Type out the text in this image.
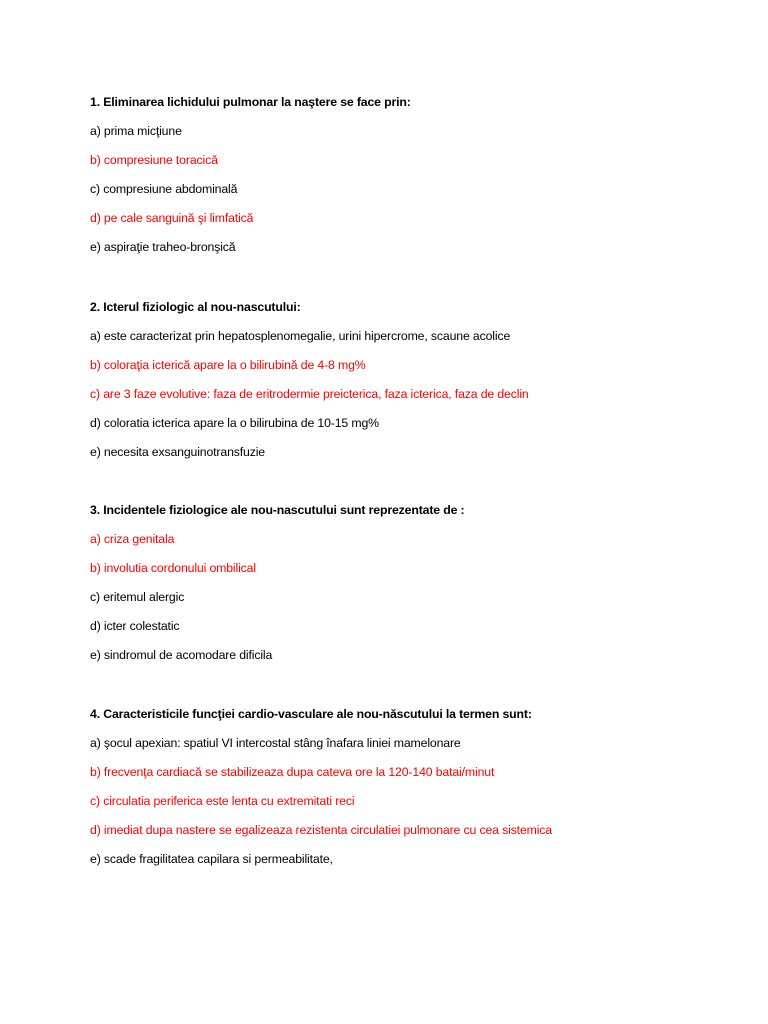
1. Eliminarea lichidului pulmonar la naştere se face prin:
a) prima micţiune
b) compresiune toracică
c) compresiune abdominală
d) pe cale sanguină şi limfatică
e) aspiraţie traheo-bronşică
2. Icterul fiziologic al nou-nascutului:
a) este caracterizat prin hepatosplenomegalie, urini hipercrome, scaune acolice
b) coloraţia icterică apare la o bilirubină de 4-8 mg%
c) are 3 faze evolutive: faza de eritrodermie preicterica, faza icterica, faza de declin
d) coloratia icterica apare la o bilirubina de 10-15 mg%
e) necesita exsanguinotransfuzie
3. Incidentele fiziologice ale nou-nascutului sunt reprezentate de :
a) criza genitala
b) involutia cordonului ombilical
c) eritemul alergic
d) icter colestatic
e) sindromul de acomodare dificila
4. Caracteristicile funcţiei cardio-vasculare ale nou-născutului la termen sunt:
a) şocul apexian: spatiul VI intercostal stâng înafara liniei mamelonare
b) frecvenţa cardiacă se stabilizeaza dupa cateva ore la 120-140 batai/minut
c) circulatia periferica este lenta cu extremitati reci
d) imediat dupa nastere se egalizeaza rezistenta circulatiei pulmonare cu cea sistemica
e) scade fragilitatea capilara si permeabilitate,
